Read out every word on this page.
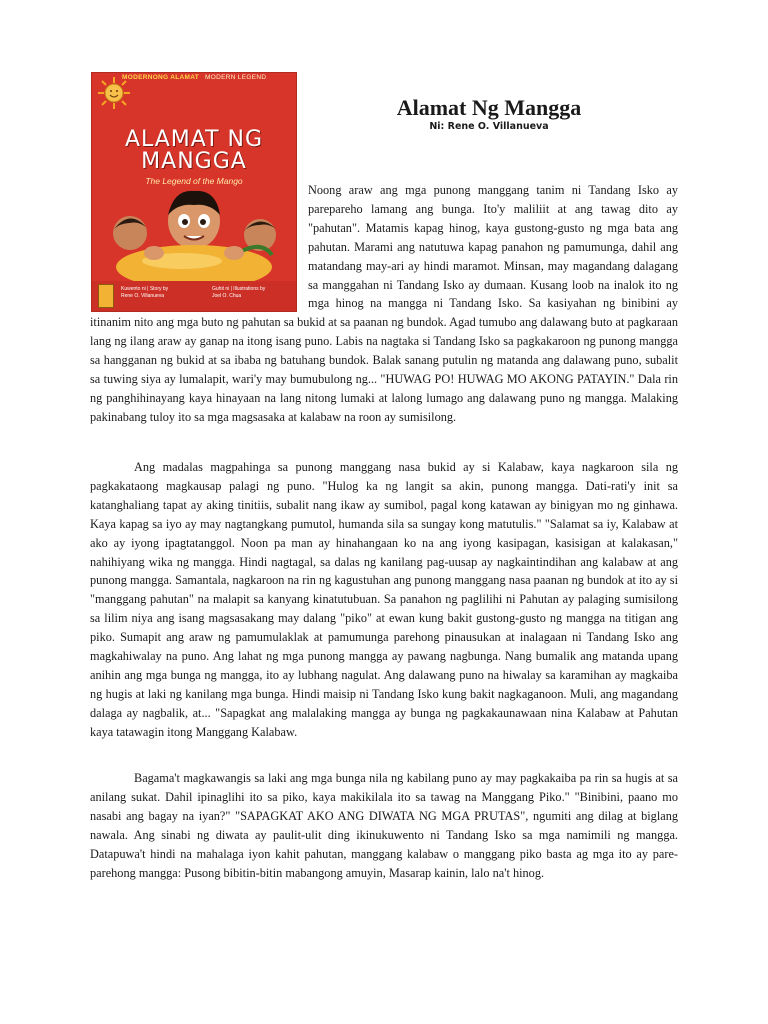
MODERNONG ALAMAT MODERN LEGEND
ALAMAT NG
MANGGA
The Legend of the Mango
Kuwento ni | Story by
Rene O. Villanueva
Guhit ni | Illustrations by
Joel O. Chua
Alamat Ng Mangga
Ni: Rene O. Villanueva

Noong araw ang mga punong manggang tanim ni Tandang Isko ay parepareho lamang ang bunga. Ito'y maliliit at ang tawag dito ay "pahutan". Matamis kapag hinog, kaya gustong-gusto ng mga bata ang pahutan. Marami ang natutuwa kapag panahon ng pamumunga, dahil ang matandang may-ari ay hindi maramot. Minsan, may magandang dalagang sa manggahan ni Tandang Isko ay dumaan. Kusang loob na inalok ito ng mga hinog na mangga ni Tandang Isko. Sa kasiyahan ng binibini ay itinanim nito ang mga buto ng pahutan sa bukid at sa paanan ng bundok. Agad tumubo ang dalawang buto at pagkaraan lang ng ilang araw ay ganap na itong isang puno. Labis na nagtaka si Tandang Isko sa pagkakaroon ng punong mangga sa hangganan ng bukid at sa ibaba ng batuhang bundok. Balak sanang putulin ng matanda ang dalawang puno, subalit sa tuwing siya ay lumalapit, wari'y may bumubulong ng... "HUWAG PO! HUWAG MO AKONG PATAYIN." Dala rin ng panghihinayang kaya hinayaan na lang nitong lumaki at lalong lumago ang dalawang puno ng mangga. Malaking pakinabang tuloy ito sa mga magsasaka at kalabaw na roon ay sumisilong.

Ang madalas magpahinga sa punong manggang nasa bukid ay si Kalabaw, kaya nagkaroon sila ng pagkakataong magkausap palagi ng puno. "Hulog ka ng langit sa akin, punong mangga. Dati-rati'y init sa katanghaliang tapat ay aking tinitiis, subalit nang ikaw ay sumibol, pagal kong katawan ay binigyan mo ng ginhawa. Kaya kapag sa iyo ay may nagtangkang pumutol, humanda sila sa sungay kong matutulis." "Salamat sa iy, Kalabaw at ako ay iyong ipagtatanggol. Noon pa man ay hinahangaan ko na ang iyong kasipagan, kasisigan at kalakasan," nahihiyang wika ng mangga. Hindi nagtagal, sa dalas ng kanilang pag-uusap ay nagkaintindihan ang kalabaw at ang punong mangga. Samantala, nagkaroon na rin ng kagustuhan ang punong manggang nasa paanan ng bundok at ito ay si "manggang pahutan" na malapit sa kanyang kinatutubuan. Sa panahon ng paglilihi ni Pahutan ay palaging sumisilong sa lilim niya ang isang magsasakang may dalang "piko" at ewan kung bakit gustong-gusto ng mangga na titigan ang piko. Sumapit ang araw ng pamumulaklak at pamumunga parehong pinausukan at inalagaan ni Tandang Isko ang magkahiwalay na puno. Ang lahat ng mga punong mangga ay pawang nagbunga. Nang bumalik ang matanda upang anihin ang mga bunga ng mangga, ito ay lubhang nagulat. Ang dalawang puno na hiwalay sa karamihan ay magkaiba ng hugis at laki ng kanilang mga bunga. Hindi maisip ni Tandang Isko kung bakit nagkaganoon. Muli, ang magandang dalaga ay nagbalik, at... "Sapagkat ang malalaking mangga ay bunga ng pagkakaunawaan nina Kalabaw at Pahutan kaya tatawagin itong Manggang Kalabaw.

Bagama't magkawangis sa laki ang mga bunga nila ng kabilang puno ay may pagkakaiba pa rin sa hugis at sa anilang sukat. Dahil ipinaglihi ito sa piko, kaya makikilala ito sa tawag na Manggang Piko." "Binibini, paano mo nasabi ang bagay na iyan?" "SAPAGKAT AKO ANG DIWATA NG MGA PRUTAS", ngumiti ang dilag at biglang nawala. Ang sinabi ng diwata ay paulit-ulit ding ikinukuwento ni Tandang Isko sa mga namimili ng mangga. Datapuwa't hindi na mahalaga iyon kahit pahutan, manggang kalabaw o manggang piko basta ag mga ito ay pare-parehong mangga: Pusong bibitin-bitin mabangong amuyin, Masarap kainin, lalo na't hinog.
